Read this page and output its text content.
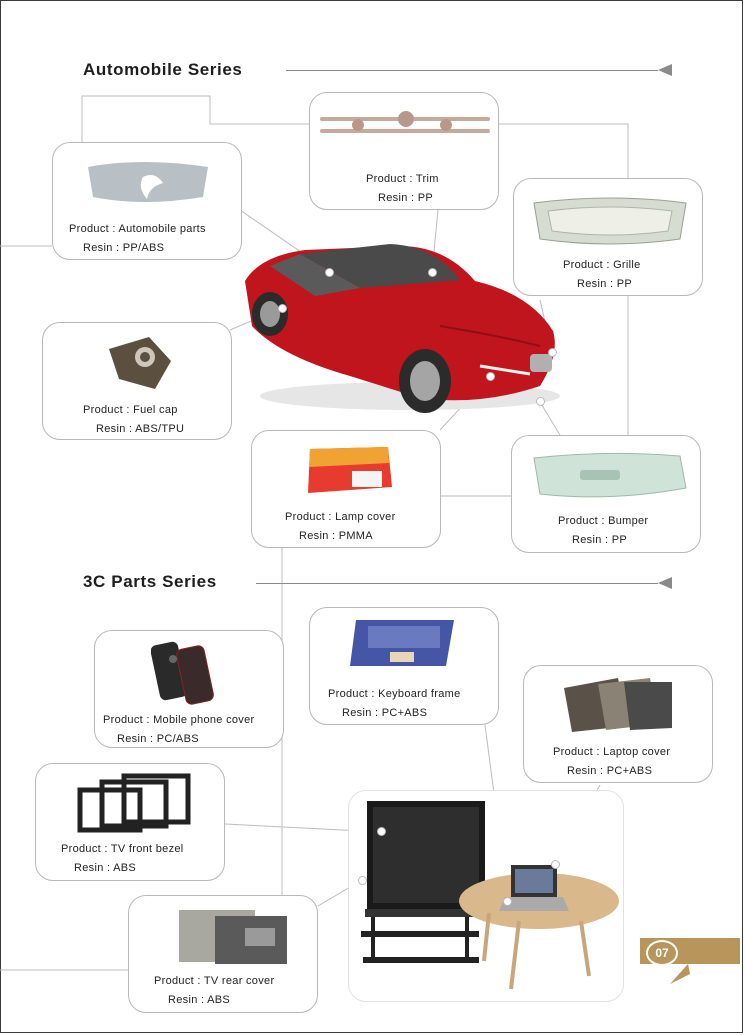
Automobile Series
Product : Automobile parts
Resin : PP/ABS
Product : Trim
Resin : PP
Product : Grille
Resin : PP
Product : Fuel cap
Resin : ABS/TPU
Product : Lamp cover
Resin : PMMA
Product : Bumper
Resin : PP
3C Parts Series
Product : Mobile phone cover
Resin : PC/ABS
Product : Keyboard frame
Resin : PC+ABS
Product : Laptop cover
Resin : PC+ABS
Product : TV front bezel
Resin : ABS
Product : TV rear cover
Resin : ABS
07
